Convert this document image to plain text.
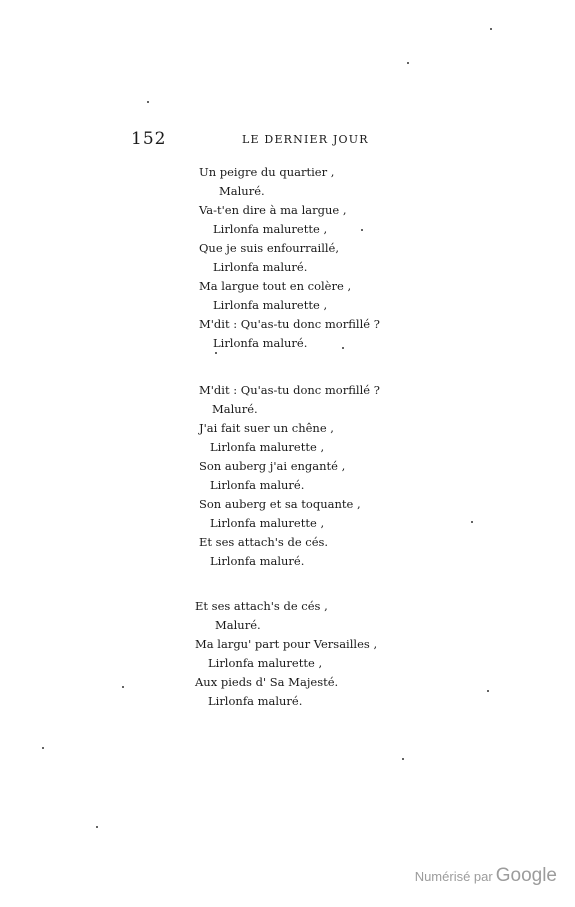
152	LE DERNIER JOUR
Un peigre du quartier ,
Maluré.
Va-t'en dire à ma largue ,
Lirlonfa malurette ,
Que je suis enfourraillé,
Lirlonfa maluré.
Ma largue tout en colère ,
Lirlonfa malurette ,
M'dit : Qu'as-tu donc morfillé ?
Lirlonfa maluré.
M'dit : Qu'as-tu donc morfillé ?
Maluré.
J'ai fait suer un chêne ,
Lirlonfa malurette ,
Son auberg j'ai enganté ,
Lirlonfa maluré.
Son auberg et sa toquante ,
Lirlonfa malurette ,
Et ses attach's de cés.
Lirlonfa maluré.
Et ses attach's de cés ,
Maluré.
Ma largu' part pour Versailles ,
Lirlonfa malurette ,
Aux pieds d' Sa Majesté.
Lirlonfa maluré.
Numérisé par Google
